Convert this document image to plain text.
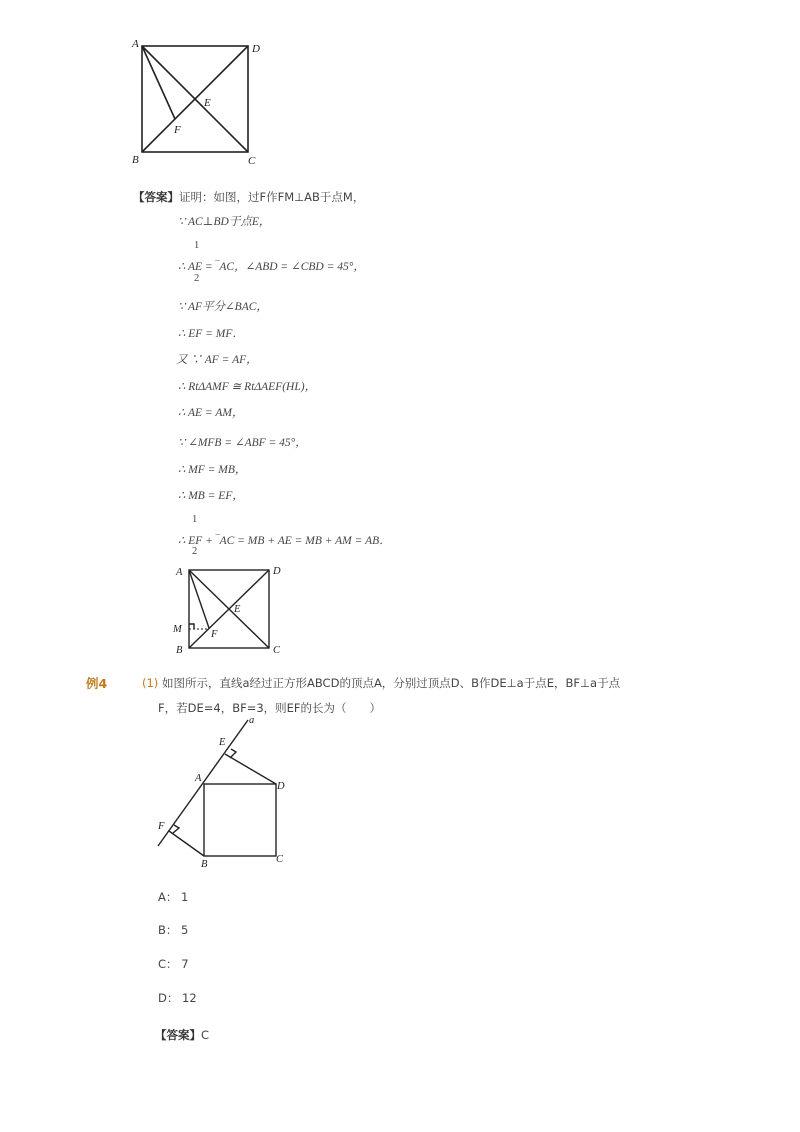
A	D
E
F
B	C
【答案】证明：如图，过F作FM⊥AB于点M，
∵ AC⊥BD于点E，
1
∴ AE = ‾AC，∠ABD = ∠CBD = 45°，
2
∵ AF平分∠BAC，
∴ EF = MF．
又 ∵ AF = AF，
∴ RtΔAMF ≅ RtΔAEF(HL)，
∴ AE = AM，
∵ ∠MFB = ∠ABF = 45°，
∴ MF = MB，
∴ MB = EF，
1
∴ EF + ‾AC = MB + AE = MB + AM = AB．
2
A	D
E
M	F
B	C
例4	(1) 如图所示，直线a经过正方形ABCD的顶点A，分别过顶点D、B作DE⊥a于点E，BF⊥a于点
F，若DE=4，BF=3，则EF的长为（　　）
a
E
A
D
F
B	C
A： 1
B： 5
C： 7
D： 12
【答案】C
